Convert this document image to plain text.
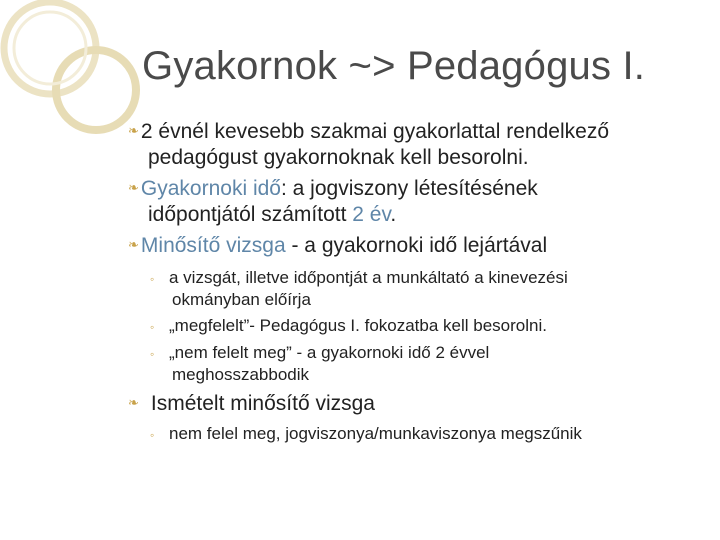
Gyakornok ~> Pedagógus I.
❧2 évnél kevesebb szakmai gyakorlattal rendelkező
pedagógust gyakornoknak kell besorolni.
❧Gyakornoki idő: a jogviszony létesítésének
időpontjától számított 2 év.
❧Minősítő vizsga - a gyakornoki idő lejártával
◦ a vizsgát, illetve időpontját a munkáltató a kinevezési
okmányban előírja
◦ „megfelelt”- Pedagógus I. fokozatba kell besorolni.
◦ „nem felelt meg” - a gyakornoki idő 2 évvel
meghosszabbodik
❧ Ismételt minősítő vizsga
◦ nem felel meg, jogviszonya/munkaviszonya megszűnik
